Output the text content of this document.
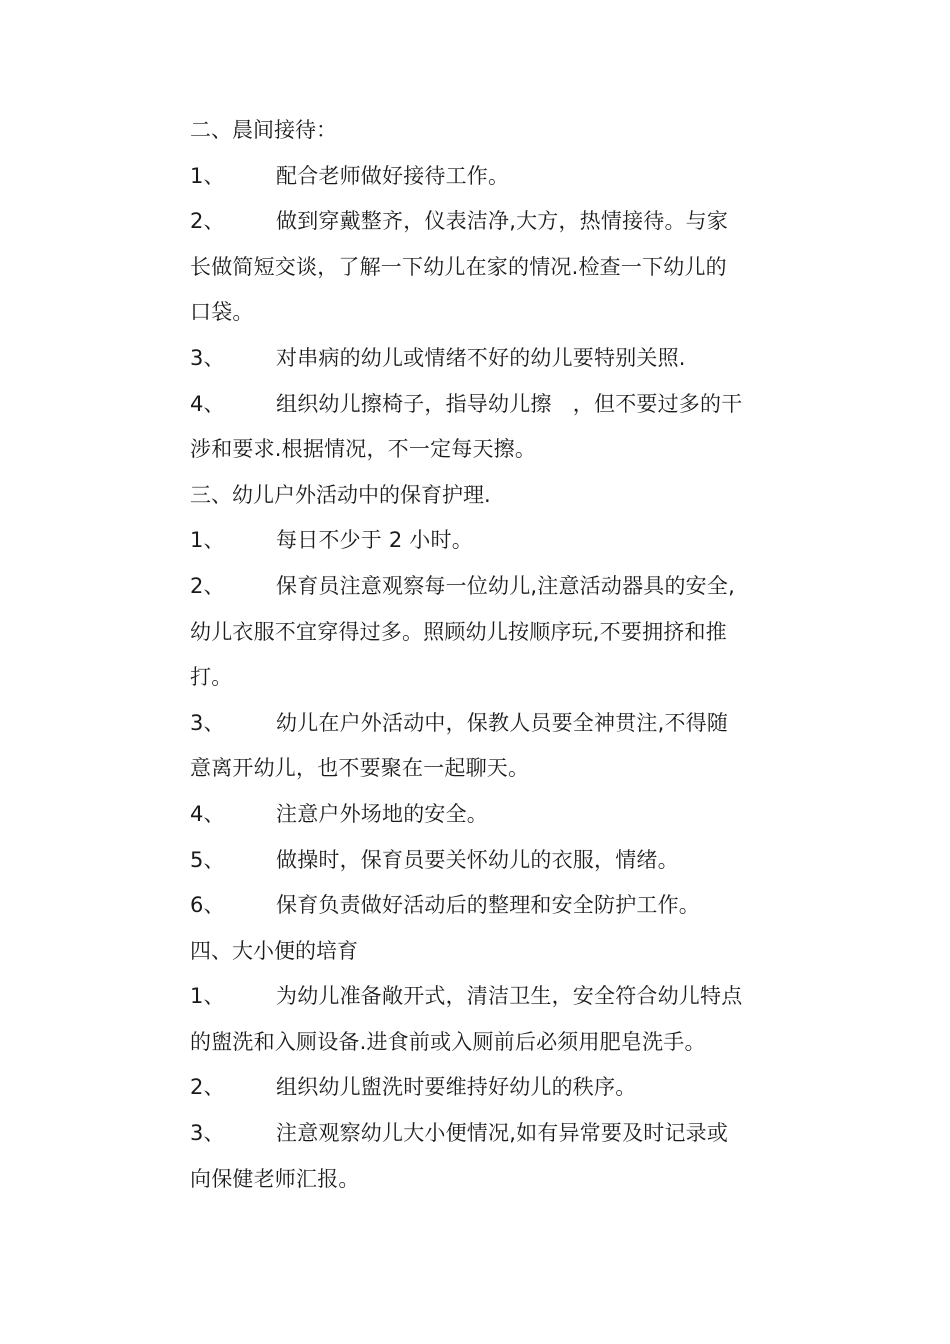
二、晨间接待：
1、 配合老师做好接待工作。
2、 做到穿戴整齐，仪表洁净,大方，热情接待。与家
长做简短交谈，了解一下幼儿在家的情况.检查一下幼儿的
口袋。
3、 对串病的幼儿或情绪不好的幼儿要特别关照.
4、 组织幼儿擦椅子，指导幼儿擦　，但不要过多的干
涉和要求.根据情况，不一定每天擦。
三、幼儿户外活动中的保育护理.
1、 每日不少于 2 小时。
2、 保育员注意观察每一位幼儿,注意活动器具的安全,
幼儿衣服不宜穿得过多。照顾幼儿按顺序玩,不要拥挤和推
打。
3、 幼儿在户外活动中，保教人员要全神贯注,不得随
意离开幼儿，也不要聚在一起聊天。
4、 注意户外场地的安全。
5、 做操时，保育员要关怀幼儿的衣服，情绪。
6、 保育负责做好活动后的整理和安全防护工作。
四、大小便的培育
1、 为幼儿准备敞开式，清洁卫生，安全符合幼儿特点
的盥洗和入厕设备.进食前或入厕前后必须用肥皂洗手。
2、 组织幼儿盥洗时要维持好幼儿的秩序。
3、 注意观察幼儿大小便情况,如有异常要及时记录或
向保健老师汇报。
